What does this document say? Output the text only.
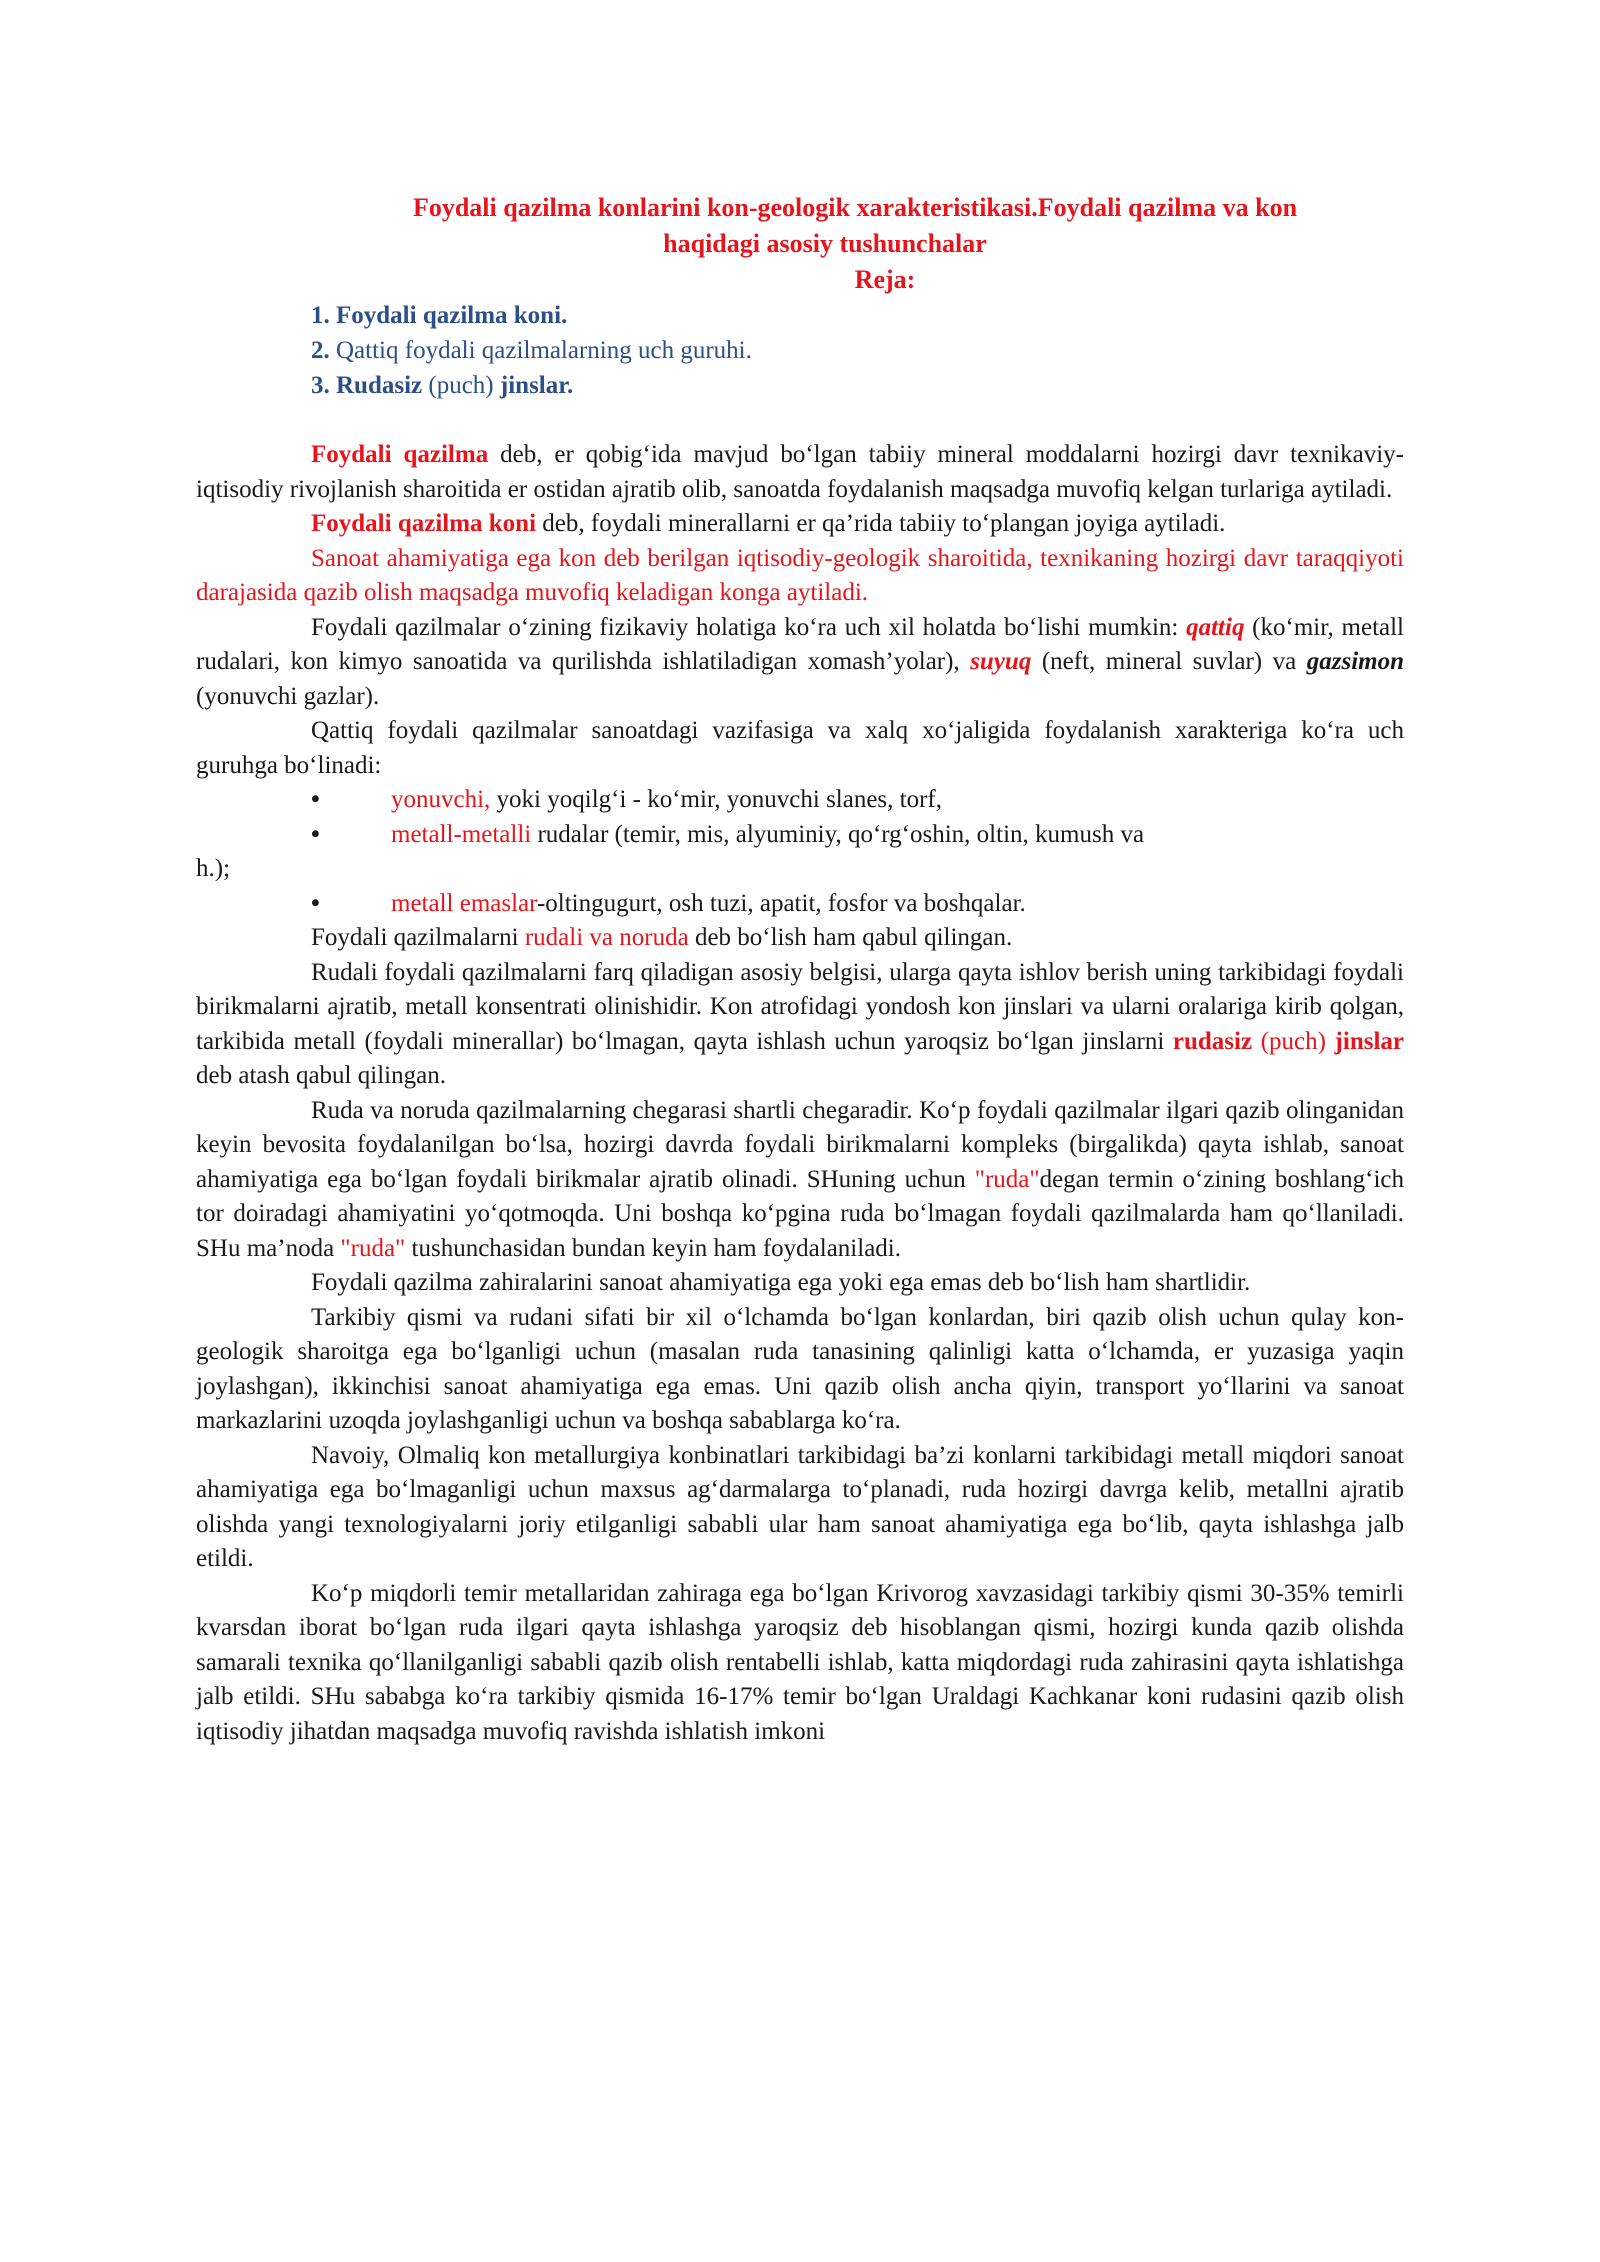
Foydali qazilma konlarini kon-geologik xarakteristikasi.Foydali qazilma va kon
haqidagi asosiy tushunchalar
Reja:
1. Foydali qazilma koni.
2. Qattiq foydali qazilmalarning uch guruhi.
3. Rudasiz (puch) jinslar.

Foydali qazilma deb, er qobig‘ida mavjud bo‘lgan tabiiy mineral moddalarni hozirgi davr texnikaviy-iqtisodiy rivojlanish sharoitida er ostidan ajratib olib, sanoatda foydalanish maqsadga muvofiq kelgan turlariga aytiladi.

Foydali qazilma koni deb, foydali minerallarni er qa’rida tabiiy to‘plangan joyiga aytiladi.

Sanoat ahamiyatiga ega kon deb berilgan iqtisodiy-geologik sharoitida, texnikaning hozirgi davr taraqqiyoti darajasida qazib olish maqsadga muvofiq keladigan konga aytiladi.

Foydali qazilmalar o‘zining fizikaviy holatiga ko‘ra uch xil holatda bo‘lishi mumkin: qattiq (ko‘mir, metall rudalari, kon kimyo sanoatida va qurilishda ishlatiladigan xomash’yolar), suyuq (neft, mineral suvlar) va gazsimon (yonuvchi gazlar).

Qattiq foydali qazilmalar sanoatdagi vazifasiga va xalq xo‘jaligida foydalanish xarakteriga ko‘ra uch guruhga bo‘linadi:

•	yonuvchi, yoki yoqilg‘i - ko‘mir, yonuvchi slanes, torf,
•	metall-metalli rudalar (temir, mis, alyuminiy, qo‘rg‘oshin, oltin, kumush va
h.);
•	metall emaslar-oltingugurt, osh tuzi, apatit, fosfor va boshqalar.

Foydali qazilmalarni rudali va noruda deb bo‘lish ham qabul qilingan.

Rudali foydali qazilmalarni farq qiladigan asosiy belgisi, ularga qayta ishlov berish uning tarkibidagi foydali birikmalarni ajratib, metall konsentrati olinishidir. Kon atrofidagi yondosh kon jinslari va ularni oralariga kirib qolgan, tarkibida metall (foydali minerallar) bo‘lmagan, qayta ishlash uchun yaroqsiz bo‘lgan jinslarni rudasiz (puch) jinslar deb atash qabul qilingan.

Ruda va noruda qazilmalarning chegarasi shartli chegaradir. Ko‘p foydali qazilmalar ilgari qazib olinganidan keyin bevosita foydalanilgan bo‘lsa, hozirgi davrda foydali birikmalarni kompleks (birgalikda) qayta ishlab, sanoat ahamiyatiga ega bo‘lgan foydali birikmalar ajratib olinadi. SHuning uchun "ruda"degan termin o‘zining boshlang‘ich tor doiradagi ahamiyatini yo‘qotmoqda. Uni boshqa ko‘pgina ruda bo‘lmagan foydali qazilmalarda ham qo‘llaniladi. SHu ma’noda "ruda" tushunchasidan bundan keyin ham foydalaniladi.

Foydali qazilma zahiralarini sanoat ahamiyatiga ega yoki ega emas deb bo‘lish ham shartlidir.

Tarkibiy qismi va rudani sifati bir xil o‘lchamda bo‘lgan konlardan, biri qazib olish uchun qulay kon-geologik sharoitga ega bo‘lganligi uchun (masalan ruda tanasining qalinligi katta o‘lchamda, er yuzasiga yaqin joylashgan), ikkinchisi sanoat ahamiyatiga ega emas. Uni qazib olish ancha qiyin, transport yo‘llarini va sanoat markazlarini uzoqda joylashganligi uchun va boshqa sabablarga ko‘ra.

Navoiy, Olmaliq kon metallurgiya konbinatlari tarkibidagi ba’zi konlarni tarkibidagi metall miqdori sanoat ahamiyatiga ega bo‘lmaganligi uchun maxsus ag‘darmalarga to‘planadi, ruda hozirgi davrga kelib, metallni ajratib olishda yangi texnologiyalarni joriy etilganligi sababli ular ham sanoat ahamiyatiga ega bo‘lib, qayta ishlashga jalb etildi.

Ko‘p miqdorli temir metallaridan zahiraga ega bo‘lgan Krivorog xavzasidagi tarkibiy qismi 30-35% temirli kvarsdan iborat bo‘lgan ruda ilgari qayta ishlashga yaroqsiz deb hisoblangan qismi, hozirgi kunda qazib olishda samarali texnika qo‘llanilganligi sababli qazib olish rentabelli ishlab, katta miqdordagi ruda zahirasini qayta ishlatishga jalb etildi. SHu sababga ko‘ra tarkibiy qismida 16-17% temir bo‘lgan Uraldagi Kachkanar koni rudasini qazib olish iqtisodiy jihatdan maqsadga muvofiq ravishda ishlatish imkoni
